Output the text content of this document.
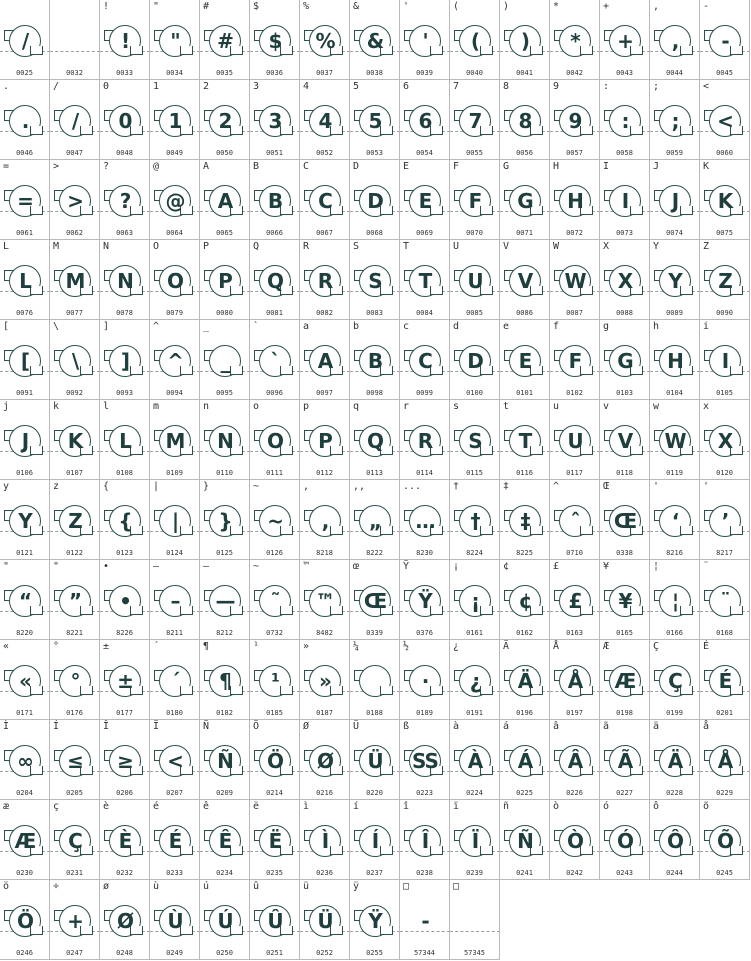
/
0025	0032
!
!
0033
"
"
0034
#
#
0035
$
$
0036
%
%
0037
&
&
0038
'
'
0039
(
(
0040
)
)
0041
*
*
0042
+
+
0043
,
,
0044
-
-
0045
.
.
0046
/
/
0047
0
0
0048
1
1
0049
2
2
0050
3
3
0051
4
4
0052
5
5
0053
6
6
0054
7
7
0055
8
8
0056
9
9
0057
:
:
0058
;
;
0059
<
<
0060
=
=
0061
>
>
0062
?
?
0063
@
@
0064
A
A
0065
B
B
0066
C
C
0067
D
D
0068
E
E
0069
F
F
0070
G
G
0071
H
H
0072
I
I
0073
J
J
0074
K
K
0075
L
L
0076
M
M
0077
N
N
0078
O
O
0079
P
P
0080
Q
Q
0081
R
R
0082
S
S
0083
T
T
0084
U
U
0085
V
V
0086
W
W
0087
X
X
0088
Y
Y
0089
Z
Z
0090
[
[
0091
\
\
0092
]
]
0093
^
^
0094
_
_
0095
`
`
0096
a
A
0097
b
B
0098
c
C
0099
d
D
0100
e
E
0101
f
F
0102
g
G
0103
h
H
0104
i
I
0105
j
J
0106
k
K
0107
l
L
0108
m
M
0109
n
N
0110
o
O
0111
p
P
0112
q
Q
0113
r
R
0114
s
S
0115
t
T
0116
u
U
0117
v
V
0118
w
W
0119
x
X
0120
y
Y
0121
z
Z
0122
{
{
0123
|
|
0124
}
}
0125
~
~
0126
,
,
8218
,,
„
8222
...
…
8230
†
†
8224
‡
‡
8225
^
ˆ
0710
Œ
Œ
0338
'
‘
8216
'
’
8217
"
“
8220
"
”
8221
•
•
8226
–
–
8211
—
—
8212
~
˜
0732
™
™
8482
œ
Œ
0339
Ÿ
Ÿ
0376
¡
¡
0161
¢
¢
0162
£
£
0163
¥
¥
0165
¦
¦
0166
¨
¨
0168
«
«
0171
°
°
0176
±
±
0177
´
´
0180
¶
¶
0182
¹
¹
0185
»
»
0187
¼
0188
½
·
0189
¿
¿
0191
Ä
Ä
0196
Å
Å
0197
Æ
Æ
0198
Ç
Ç
0199
É
É
0201
Ì
∞
0204
Í
≤
0205
Î
≥
0206
Ï
<
0207
Ñ
Ñ
0209
Ö
Ö
0214
Ø
Ø
0216
Ü
Ü
0220
ß
SS
0223
à
À
0224
á
Á
0225
â
Â
0226
ã
Ã
0227
ä
Ä
0228
å
Å
0229
æ
Æ
0230
ç
Ç
0231
è
È
0232
é
É
0233
ê
Ê
0234
ë
Ë
0235
ì
Ì
0236
í
Í
0237
î
Î
0238
ï
Ï
0239
ñ
Ñ
0241
ò
Ò
0242
ó
Ó
0243
ô
Ô
0244
õ
Õ
0245
ö
Ö
0246
÷
+
0247
ø
Ø
0248
ù
Ù
0249
ú
Ú
0250
û
Û
0251
ü
Ü
0252
ÿ
Ÿ
0255
□
-
57344
□
57345
